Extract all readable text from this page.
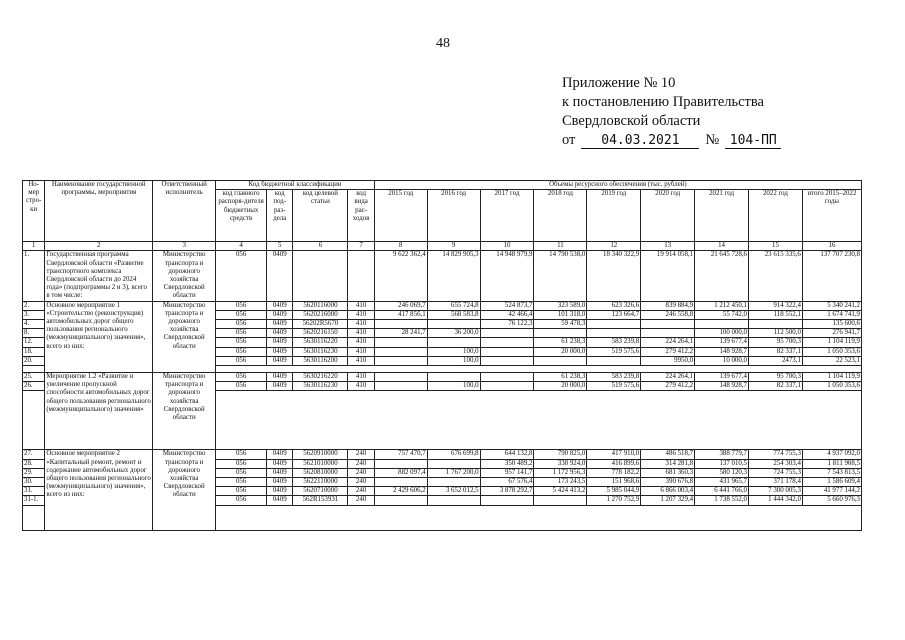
48
Приложение № 10
к постановлению Правительства
Свердловской области
от	04.03.2021	№ 104-ПП
Но-мер стро-ки	Наименование государственной программы, мероприятия	Ответственный исполнитель	Код бюджетной классификации				Объемы ресурсного обеспечения (тыс. рублей)								
			код главного распоря-дителя бюджетных средств	код под-раз-дела	код целевой статьи	код вида рас-ходов	2015 год	2016 год	2017 год	2018 год	2019 год	2020 год	2021 год	2022 год	итого 2015–2022 годы
1	2	3	4	5	6	7	8	9	10	11	12	13	14	15	16
1.	Государственная программа Свердловской области «Развитие транспортного комплекса Свердловской области до 2024 года» (подпрограммы 2 и 3), всего в том числе:	Министерство транспорта и дорожного хозяйства Свердловской области	056	0409			9 622 362,4	14 829 905,3	14 948 979,9	14 790 538,0	18 340 322,9	19 914 058,1	21 645 728,6	23 615 335,6	137 707 230,8
2.	Основное мероприятие 1 «Строительство (реконструкция) автомобильных дорог общего пользования регионального (межмуниципального) значения», всего из них:	Министерство транспорта и дорожного хозяйства Свердловской области	056	0409	5620116000	410	246 069,7	655 724,8	524 873,7	323 589,0	623 326,6	839 884,9	1 212 450,1	914 322,4	5 340 241,2
3.			056	0409	5620216000	410	417 856,1	568 583,8	42 466,4	101 318,0	123 664,7	246 558,8	55 742,0	118 552,1	1 674 741,9
4.			056	0409	56202R5670	410			76 122,3	59 478,3					135 600,6
8.			056	0409	5620216150	410	28 241,7	36 200,0					100 000,0	112 500,0	276 941,7
12.			056	0409	5630116220	410				61 238,3	583 239,8	224 264,1	139 677,4	95 700,3	1 104 119,9
18.			056	0409	5630116230	410		100,0		20 000,0	519 575,6	279 412,2	148 928,7	82 337,1	1 050 353,6
20.			056	0409	5630116200	410		100,0				9950,0	10 000,0	2473,1	22 523,1

25.	Мероприятие 1.2 «Развитие и увеличение пропускной способности автомобильных дорог общего пользования регионального (межмуниципального) значения»	Министерство транспорта и дорожного хозяйства Свердловской области	056	0409	5630216220	410				61 238,3	583 239,8	224 264,1	139 677,4	95 700,3	1 104 119,9
26.			056	0409	5630116230	410		100,0		20 000,0	519 575,6	279 412,2	148 928,7	82 337,1	1 050 353,6

27.	Основное мероприятие 2 «Капитальный ремонт, ремонт и содержание автомобильных дорог общего пользования регионального (межмуниципального) значения», всего из них:	Министерство транспорта и дорожного хозяйства Свердловской области	056	0409	5620910000	240	757 470,7	676 699,8	644 132,8	790 825,0	417 910,0	486 518,7	388 779,7	774 755,3	4 937 092,0
28.			056	0409	5621010000	240			350 489,2	338 924,0	416 899,6	314 281,8	137 010,5	254 303,4	1 811 908,5
29.			056	0409	5620810000	240	882 097,4	1 767 200,0	957 141,7	1 172 956,3	778 182,2	681 360,3	580 120,3	724 755,3	7 543 813,5
30.			056	0409	5622110000	240			67 576,4	173 243,5	151 968,6	390 676,8	431 965,7	371 178,4	1 586 609,4
31.			056	0409	5620710000	240	2 429 606,2	3 652 012,5	3 878 292,7	5 424 413,2	5 985 044,9	6 866 003,4	6 441 766,0	7 300 005,3	41 977 144,2
31-1.			056	0409	562R153931	240					1 270 752,9	1 207 329,4	1 738 552,0	1 444 342,0	5 660 976,3
